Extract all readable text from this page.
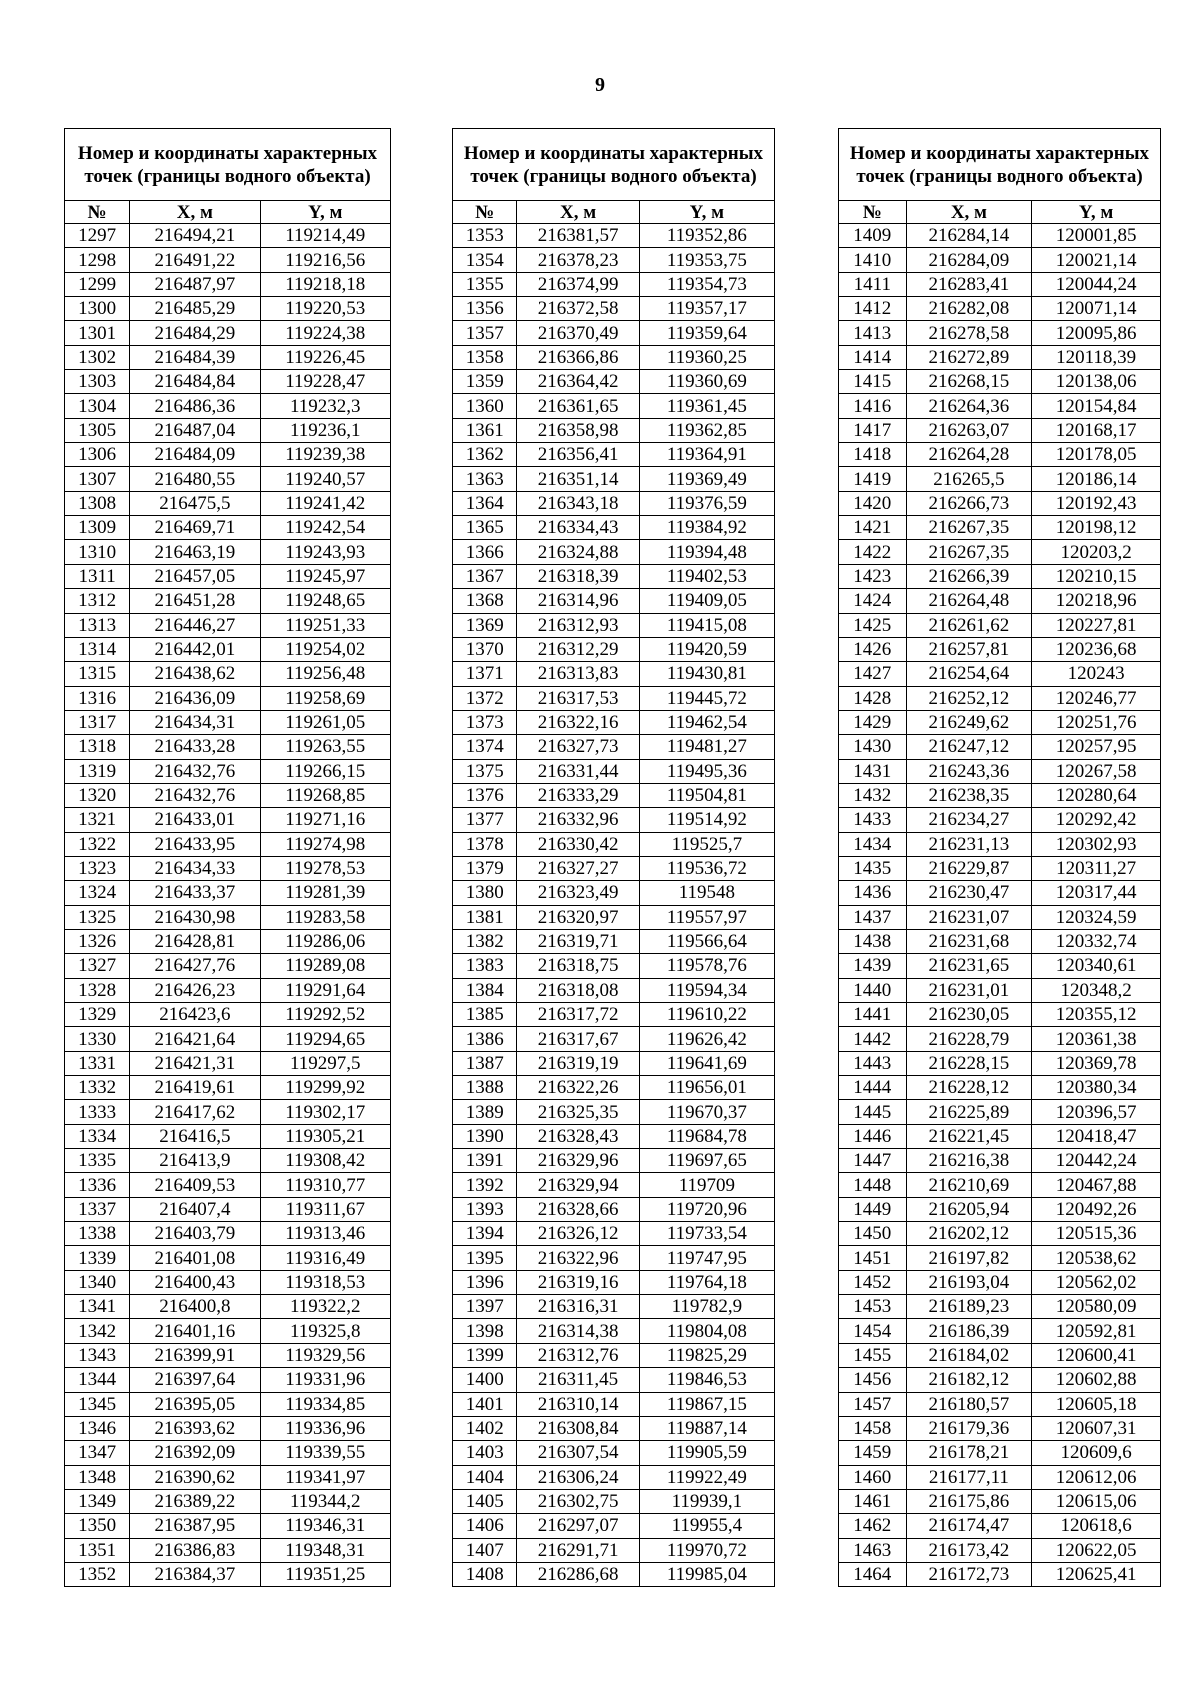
9
Номер и координаты характерных точек (границы водного объекта)		
№	X, м	Y, м
1297	216494,21	119214,49
1298	216491,22	119216,56
1299	216487,97	119218,18
1300	216485,29	119220,53
1301	216484,29	119224,38
1302	216484,39	119226,45
1303	216484,84	119228,47
1304	216486,36	119232,3
1305	216487,04	119236,1
1306	216484,09	119239,38
1307	216480,55	119240,57
1308	216475,5	119241,42
1309	216469,71	119242,54
1310	216463,19	119243,93
1311	216457,05	119245,97
1312	216451,28	119248,65
1313	216446,27	119251,33
1314	216442,01	119254,02
1315	216438,62	119256,48
1316	216436,09	119258,69
1317	216434,31	119261,05
1318	216433,28	119263,55
1319	216432,76	119266,15
1320	216432,76	119268,85
1321	216433,01	119271,16
1322	216433,95	119274,98
1323	216434,33	119278,53
1324	216433,37	119281,39
1325	216430,98	119283,58
1326	216428,81	119286,06
1327	216427,76	119289,08
1328	216426,23	119291,64
1329	216423,6	119292,52
1330	216421,64	119294,65
1331	216421,31	119297,5
1332	216419,61	119299,92
1333	216417,62	119302,17
1334	216416,5	119305,21
1335	216413,9	119308,42
1336	216409,53	119310,77
1337	216407,4	119311,67
1338	216403,79	119313,46
1339	216401,08	119316,49
1340	216400,43	119318,53
1341	216400,8	119322,2
1342	216401,16	119325,8
1343	216399,91	119329,56
1344	216397,64	119331,96
1345	216395,05	119334,85
1346	216393,62	119336,96
1347	216392,09	119339,55
1348	216390,62	119341,97
1349	216389,22	119344,2
1350	216387,95	119346,31
1351	216386,83	119348,31
1352	216384,37	119351,25
Номер и координаты характерных точек (границы водного объекта)		
№	X, м	Y, м
1353	216381,57	119352,86
1354	216378,23	119353,75
1355	216374,99	119354,73
1356	216372,58	119357,17
1357	216370,49	119359,64
1358	216366,86	119360,25
1359	216364,42	119360,69
1360	216361,65	119361,45
1361	216358,98	119362,85
1362	216356,41	119364,91
1363	216351,14	119369,49
1364	216343,18	119376,59
1365	216334,43	119384,92
1366	216324,88	119394,48
1367	216318,39	119402,53
1368	216314,96	119409,05
1369	216312,93	119415,08
1370	216312,29	119420,59
1371	216313,83	119430,81
1372	216317,53	119445,72
1373	216322,16	119462,54
1374	216327,73	119481,27
1375	216331,44	119495,36
1376	216333,29	119504,81
1377	216332,96	119514,92
1378	216330,42	119525,7
1379	216327,27	119536,72
1380	216323,49	119548
1381	216320,97	119557,97
1382	216319,71	119566,64
1383	216318,75	119578,76
1384	216318,08	119594,34
1385	216317,72	119610,22
1386	216317,67	119626,42
1387	216319,19	119641,69
1388	216322,26	119656,01
1389	216325,35	119670,37
1390	216328,43	119684,78
1391	216329,96	119697,65
1392	216329,94	119709
1393	216328,66	119720,96
1394	216326,12	119733,54
1395	216322,96	119747,95
1396	216319,16	119764,18
1397	216316,31	119782,9
1398	216314,38	119804,08
1399	216312,76	119825,29
1400	216311,45	119846,53
1401	216310,14	119867,15
1402	216308,84	119887,14
1403	216307,54	119905,59
1404	216306,24	119922,49
1405	216302,75	119939,1
1406	216297,07	119955,4
1407	216291,71	119970,72
1408	216286,68	119985,04
Номер и координаты характерных точек (границы водного объекта)		
№	X, м	Y, м
1409	216284,14	120001,85
1410	216284,09	120021,14
1411	216283,41	120044,24
1412	216282,08	120071,14
1413	216278,58	120095,86
1414	216272,89	120118,39
1415	216268,15	120138,06
1416	216264,36	120154,84
1417	216263,07	120168,17
1418	216264,28	120178,05
1419	216265,5	120186,14
1420	216266,73	120192,43
1421	216267,35	120198,12
1422	216267,35	120203,2
1423	216266,39	120210,15
1424	216264,48	120218,96
1425	216261,62	120227,81
1426	216257,81	120236,68
1427	216254,64	120243
1428	216252,12	120246,77
1429	216249,62	120251,76
1430	216247,12	120257,95
1431	216243,36	120267,58
1432	216238,35	120280,64
1433	216234,27	120292,42
1434	216231,13	120302,93
1435	216229,87	120311,27
1436	216230,47	120317,44
1437	216231,07	120324,59
1438	216231,68	120332,74
1439	216231,65	120340,61
1440	216231,01	120348,2
1441	216230,05	120355,12
1442	216228,79	120361,38
1443	216228,15	120369,78
1444	216228,12	120380,34
1445	216225,89	120396,57
1446	216221,45	120418,47
1447	216216,38	120442,24
1448	216210,69	120467,88
1449	216205,94	120492,26
1450	216202,12	120515,36
1451	216197,82	120538,62
1452	216193,04	120562,02
1453	216189,23	120580,09
1454	216186,39	120592,81
1455	216184,02	120600,41
1456	216182,12	120602,88
1457	216180,57	120605,18
1458	216179,36	120607,31
1459	216178,21	120609,6
1460	216177,11	120612,06
1461	216175,86	120615,06
1462	216174,47	120618,6
1463	216173,42	120622,05
1464	216172,73	120625,41
